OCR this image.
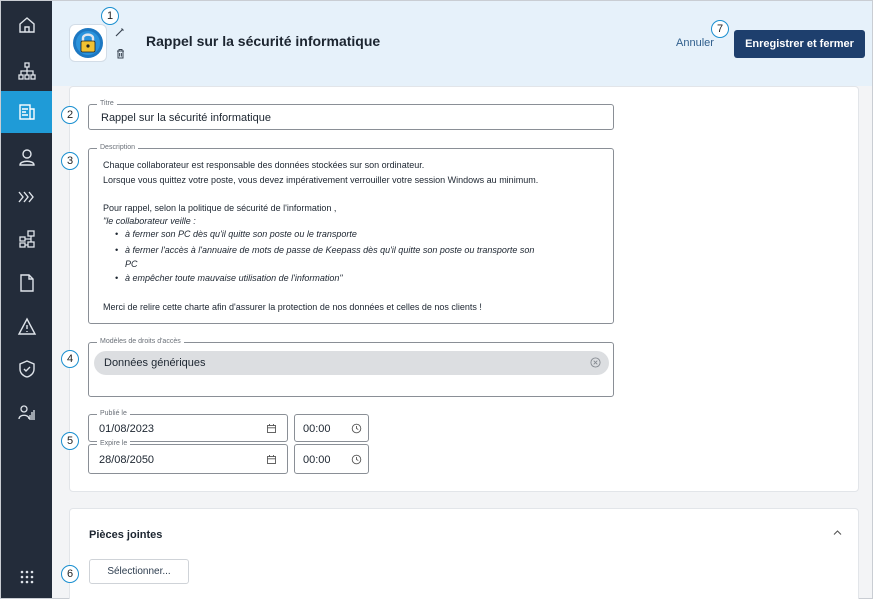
Rappel sur la sécurité informatique	Annuler	Enregistrer et fermer
Titre
Rappel sur la sécurité informatique
Description
Chaque collaborateur est responsable des données stockées sur son ordinateur.
Lorsque vous quittez votre poste, vous devez impérativement verrouiller votre session Windows au minimum.
Pour rappel, selon la politique de sécurité de l'information ,
"le collaborateur veille :
• à fermer son PC dès qu'il quitte son poste ou le transporte
• à fermer l'accès à l'annuaire de mots de passe de Keepass dès qu'il quitte son poste ou transporte son
PC
• à empêcher toute mauvaise utilisation de l'information"
Merci de relire cette charte afin d'assurer la protection de nos données et celles de nos clients !
Modèles de droits d'accès
Données génériques
Publié le
01/08/2023	00:00
Expire le
28/08/2050	00:00
Pièces jointes
Sélectionner...
1
2
3
4
5
6
7
